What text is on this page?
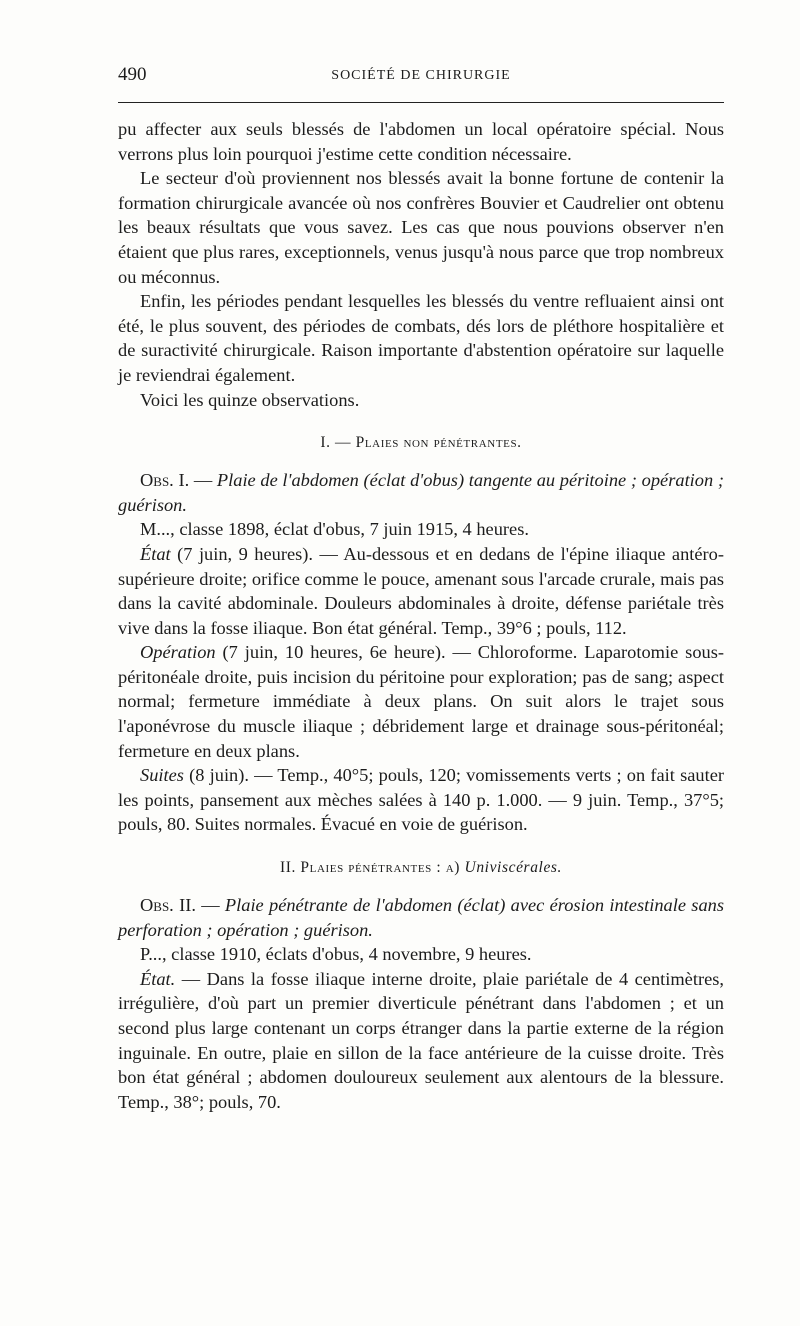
490	SOCIÉTÉ DE CHIRURGIE

pu affecter aux seuls blessés de l'abdomen un local opératoire spécial. Nous verrons plus loin pourquoi j'estime cette condition nécessaire.

Le secteur d'où proviennent nos blessés avait la bonne fortune de contenir la formation chirurgicale avancée où nos confrères Bouvier et Caudrelier ont obtenu les beaux résultats que vous savez. Les cas que nous pouvions observer n'en étaient que plus rares, exceptionnels, venus jusqu'à nous parce que trop nombreux ou méconnus.

Enfin, les périodes pendant lesquelles les blessés du ventre refluaient ainsi ont été, le plus souvent, des périodes de combats, dés lors de pléthore hospitalière et de suractivité chirurgicale. Raison importante d'abstention opératoire sur laquelle je reviendrai également.

Voici les quinze observations.

I. — Plaies non pénétrantes.

Obs. I. — Plaie de l'abdomen (éclat d'obus) tangente au péritoine ; opération ; guérison.

M..., classe 1898, éclat d'obus, 7 juin 1915, 4 heures.

État (7 juin, 9 heures). — Au-dessous et en dedans de l'épine iliaque antéro-supérieure droite; orifice comme le pouce, amenant sous l'arcade crurale, mais pas dans la cavité abdominale. Douleurs abdominales à droite, défense pariétale très vive dans la fosse iliaque. Bon état général. Temp., 39°6 ; pouls, 112.

Opération (7 juin, 10 heures, 6e heure). — Chloroforme. Laparotomie sous-péritonéale droite, puis incision du péritoine pour exploration; pas de sang; aspect normal; fermeture immédiate à deux plans. On suit alors le trajet sous l'aponévrose du muscle iliaque ; débridement large et drainage sous-péritonéal; fermeture en deux plans.

Suites (8 juin). — Temp., 40°5; pouls, 120; vomissements verts ; on fait sauter les points, pansement aux mèches salées à 140 p. 1.000. — 9 juin. Temp., 37°5; pouls, 80. Suites normales. Évacué en voie de guérison.

II. Plaies pénétrantes : a) Univiscérales.

Obs. II. — Plaie pénétrante de l'abdomen (éclat) avec érosion intestinale sans perforation ; opération ; guérison.

P..., classe 1910, éclats d'obus, 4 novembre, 9 heures.

État. — Dans la fosse iliaque interne droite, plaie pariétale de 4 centimètres, irrégulière, d'où part un premier diverticule pénétrant dans l'abdomen ; et un second plus large contenant un corps étranger dans la partie externe de la région inguinale. En outre, plaie en sillon de la face antérieure de la cuisse droite. Très bon état général ; abdomen douloureux seulement aux alentours de la blessure. Temp., 38°; pouls, 70.
